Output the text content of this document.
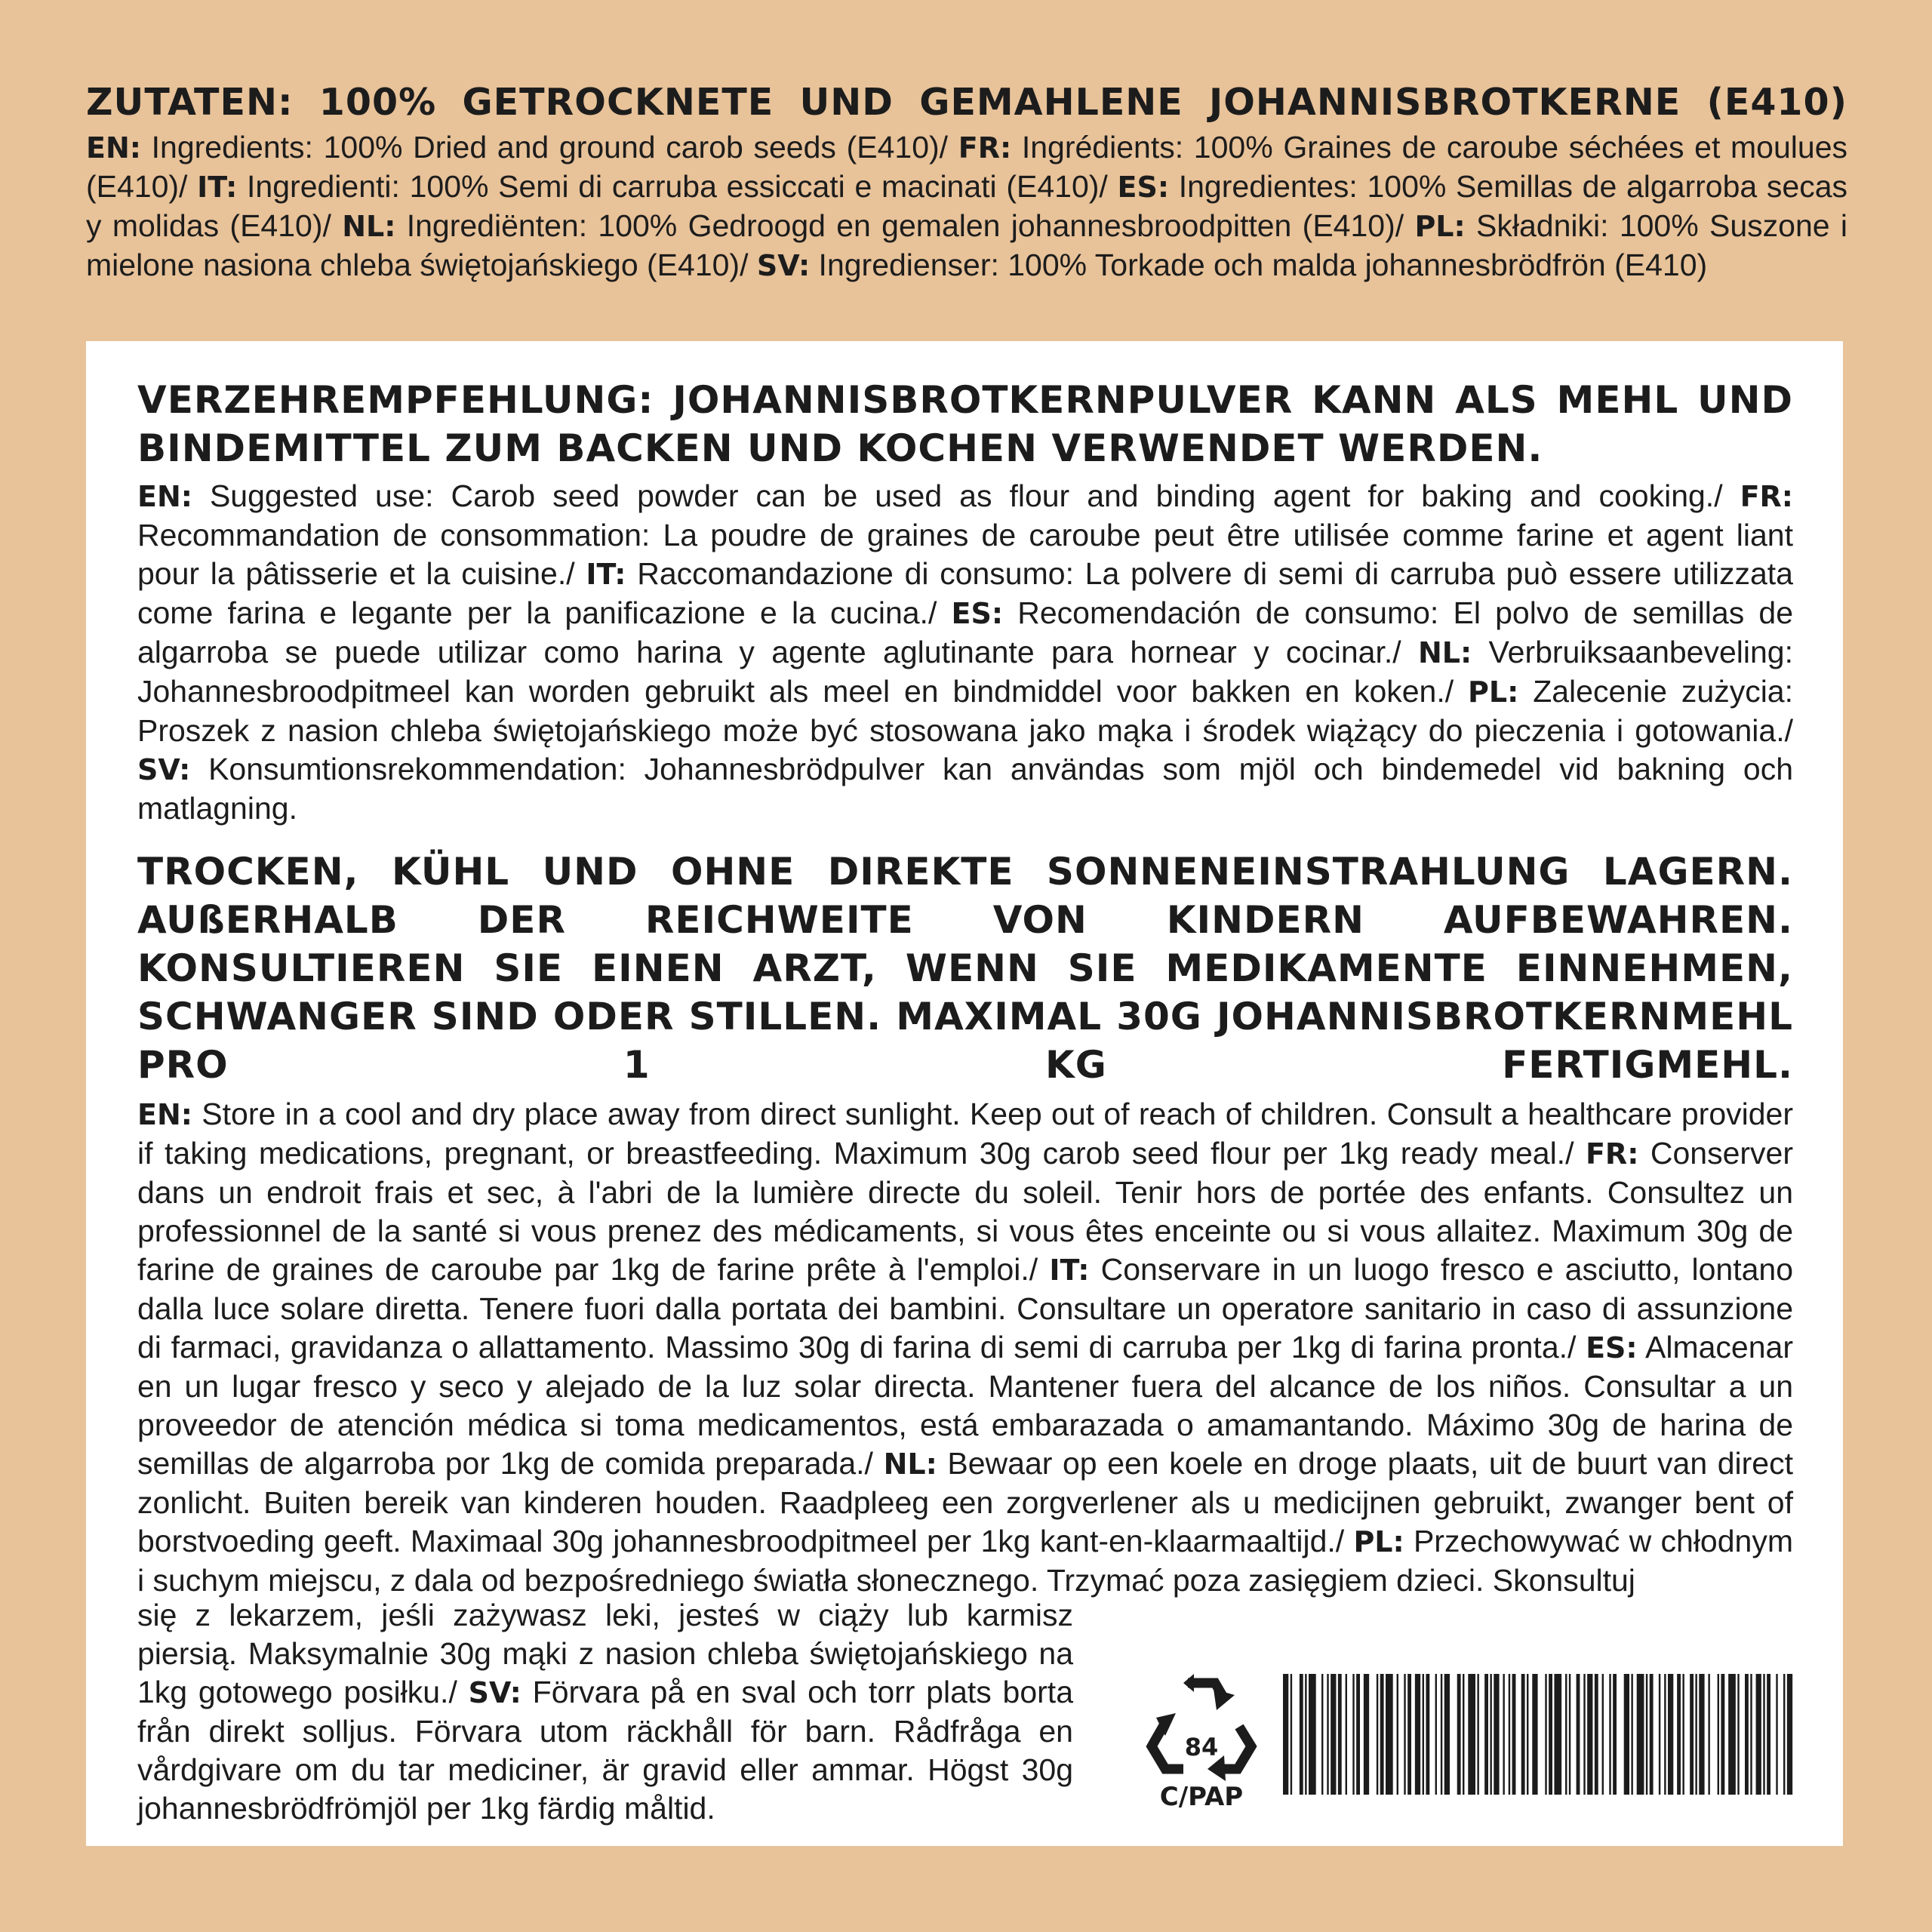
ZUTATEN: 100% GETROCKNETE UND GEMAHLENE JOHANNISBROTKERNE (E410)

EN: Ingredients: 100% Dried and ground carob seeds (E410)/ FR: Ingrédients: 100% Graines de caroube séchées et moulues (E410)/ IT: Ingredienti: 100% Semi di carruba essiccati e macinati (E410)/ ES: Ingredientes: 100% Semillas de algarroba secas y molidas (E410)/ NL: Ingrediënten: 100% Gedroogd en gemalen johannesbroodpitten (E410)/ PL: Składniki: 100% Suszone i mielone nasiona chleba świętojańskiego (E410)/ SV: Ingredienser: 100% Torkade och malda johannesbrödfrön (E410)

VERZEHREMPFEHLUNG: JOHANNISBROTKERNPULVER KANN ALS MEHL UND BINDEMITTEL ZUM BACKEN UND KOCHEN VERWENDET WERDEN.

EN: Suggested use: Carob seed powder can be used as flour and binding agent for baking and cooking./ FR: Recommandation de consommation: La poudre de graines de caroube peut être utilisée comme farine et agent liant pour la pâtisserie et la cuisine./ IT: Raccomandazione di consumo: La polvere di semi di carruba può essere utilizzata come farina e legante per la panificazione e la cucina./ ES: Recomendación de consumo: El polvo de semillas de algarroba se puede utilizar como harina y agente aglutinante para hornear y cocinar./ NL: Verbruiksaanbeveling: Johannesbroodpitmeel kan worden gebruikt als meel en bindmiddel voor bakken en koken./ PL: Zalecenie zużycia: Proszek z nasion chleba świętojańskiego może być stosowana jako mąka i środek wiążący do pieczenia i gotowania./ SV: Konsumtionsrekommendation: Johannesbrödpulver kan användas som mjöl och bindemedel vid bakning och matlagning.

TROCKEN, KÜHL UND OHNE DIREKTE SONNENEINSTRAHLUNG LAGERN. AUßERHALB DER REICHWEITE VON KINDERN AUFBEWAHREN. KONSULTIEREN SIE EINEN ARZT, WENN SIE MEDIKAMENTE EINNEHMEN, SCHWANGER SIND ODER STILLEN. MAXIMAL 30G JOHANNISBROTKERNMEHL PRO 1 KG FERTIGMEHL.

EN: Store in a cool and dry place away from direct sunlight. Keep out of reach of children. Consult a healthcare provider if taking medications, pregnant, or breastfeeding. Maximum 30g carob seed flour per 1kg ready meal./ FR: Conserver dans un endroit frais et sec, à l'abri de la lumière directe du soleil. Tenir hors de portée des enfants. Consultez un professionnel de la santé si vous prenez des médicaments, si vous êtes enceinte ou si vous allaitez. Maximum 30g de farine de graines de caroube par 1kg de farine prête à l'emploi./ IT: Conservare in un luogo fresco e asciutto, lontano dalla luce solare diretta. Tenere fuori dalla portata dei bambini. Consultare un operatore sanitario in caso di assunzione di farmaci, gravidanza o allattamento. Massimo 30g di farina di semi di carruba per 1kg di farina pronta./ ES: Almacenar en un lugar fresco y seco y alejado de la luz solar directa. Mantener fuera del alcance de los niños. Consultar a un proveedor de atención médica si toma medicamentos, está embarazada o amamantando. Máximo 30g de harina de semillas de algarroba por 1kg de comida preparada./ NL: Bewaar op een koele en droge plaats, uit de buurt van direct zonlicht. Buiten bereik van kinderen houden. Raadpleeg een zorgverlener als u medicijnen gebruikt, zwanger bent of borstvoeding geeft. Maximaal 30g johannesbroodpitmeel per 1kg kant-en-klaarmaaltijd./ PL: Przechowywać w chłodnym i suchym miejscu, z dala od bezpośredniego światła słonecznego. Trzymać poza zasięgiem dzieci. Skonsultuj

się z lekarzem, jeśli zażywasz leki, jesteś w ciąży lub karmisz piersią. Maksymalnie 30g mąki z nasion chleba świętojańskiego na 1kg gotowego posiłku./ SV: Förvara på en sval och torr plats borta från direkt solljus. Förvara utom räckhåll för barn. Rådfråga en vårdgivare om du tar mediciner, är gravid eller ammar. Högst 30g johannesbrödfrömjöl per 1kg färdig måltid.

84
C/PAP
